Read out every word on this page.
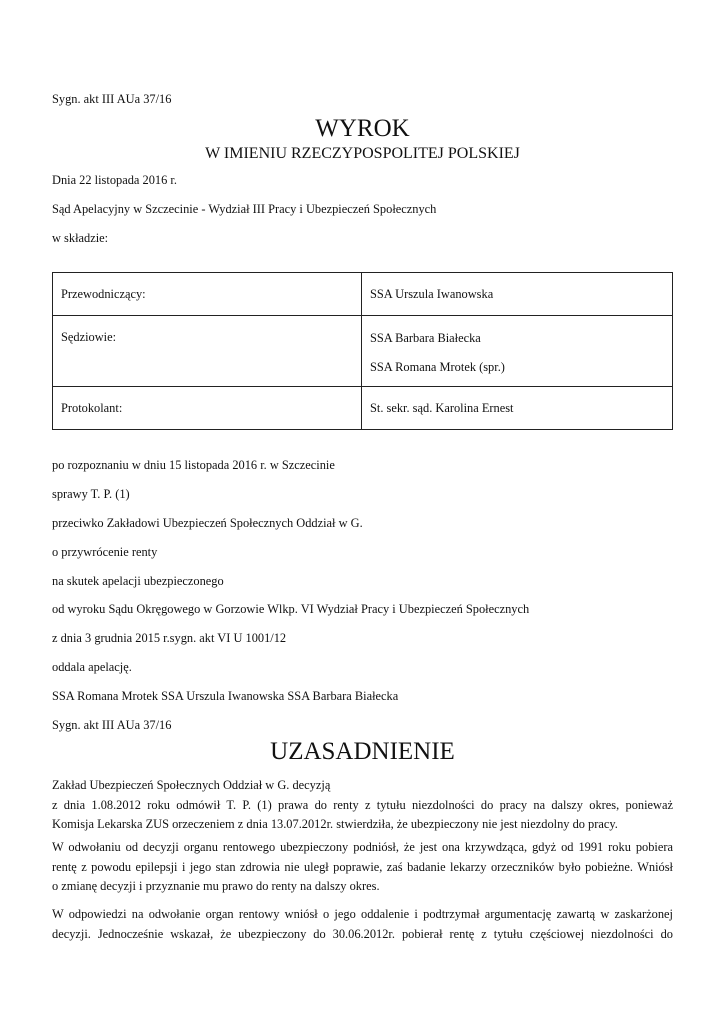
Sygn. akt III AUa 37/16
WYROK
W IMIENIU RZECZYPOSPOLITEJ POLSKIEJ
Dnia 22 listopada 2016 r.
Sąd Apelacyjny w Szczecinie - Wydział III Pracy i Ubezpieczeń Społecznych
w składzie:
Przewodniczący:	SSA Urszula Iwanowska
Sędziowie:	SSA Barbara Białecka
SSA Romana Mrotek (spr.)

Protokolant:	St. sekr. sąd. Karolina Ernest
po rozpoznaniu w dniu 15 listopada 2016 r. w Szczecinie
sprawy T. P. (1)
przeciwko Zakładowi Ubezpieczeń Społecznych Oddział w G.
o przywrócenie renty
na skutek apelacji ubezpieczonego
od wyroku Sądu Okręgowego w Gorzowie Wlkp. VI Wydział Pracy i Ubezpieczeń Społecznych
z dnia 3 grudnia 2015 r.sygn. akt VI U 1001/12
oddala apelację.
SSA Romana Mrotek SSA Urszula Iwanowska SSA Barbara Białecka
Sygn. akt III AUa 37/16
UZASADNIENIE
Zakład Ubezpieczeń Społecznych Oddział w G. decyzją
z dnia 1.08.2012 roku odmówił T. P. (1) prawa do renty z tytułu niezdolności do pracy na dalszy okres, ponieważ
Komisja Lekarska ZUS orzeczeniem z dnia 13.07.2012r. stwierdziła, że ubezpieczony nie jest niezdolny do pracy.
W odwołaniu od decyzji organu rentowego ubezpieczony podniósł, że jest ona krzywdząca, gdyż od 1991 roku pobiera
rentę z powodu epilepsji i jego stan zdrowia nie uległ poprawie, zaś badanie lekarzy orzeczników było pobieżne. Wniósł
o zmianę decyzji i przyznanie mu prawo do renty na dalszy okres.
W odpowiedzi na odwołanie organ rentowy wniósł o jego oddalenie i podtrzymał argumentację zawartą w zaskarżonej
decyzji. Jednocześnie wskazał, że ubezpieczony do 30.06.2012r. pobierał rentę z tytułu częściowej niezdolności do
